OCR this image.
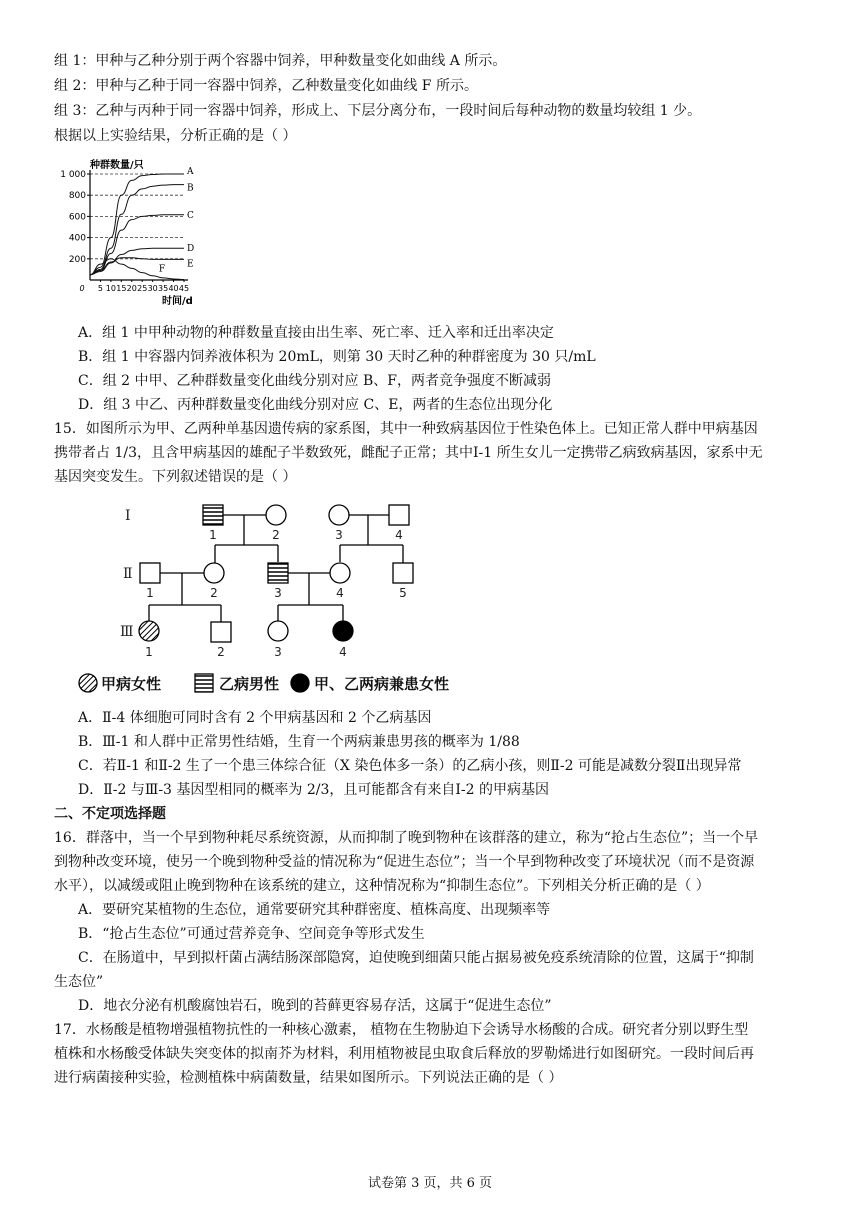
组 1：甲种与乙种分别于两个容器中饲养，甲种数量变化如曲线 A 所示。
组 2：甲种与乙种于同一容器中饲养，乙种数量变化如曲线 F 所示。
组 3：乙种与丙种于同一容器中饲养，形成上、下层分离分布，一段时间后每种动物的数量均较组 1 少。
根据以上实验结果，分析正确的是（ ）
200
400
600
800
1 000
0 5 10 15 20 25 30 35 40 45
A
B
C
D
E
F
种群数量/只
时间/d
A．组 1 中甲种动物的种群数量直接由出生率、死亡率、迁入率和迁出率决定
B．组 1 中容器内饲养液体积为 20mL，则第 30 天时乙种的种群密度为 30 只/mL
C．组 2 中甲、乙种群数量变化曲线分别对应 B、F，两者竞争强度不断减弱
D．组 3 中乙、丙种群数量变化曲线分别对应 C、E，两者的生态位出现分化
15．如图所示为甲、乙两种单基因遗传病的家系图，其中一种致病基因位于性染色体上。已知正常人群中甲病基因
携带者占 1/3，且含甲病基因的雄配子半数致死，雌配子正常；其中Ⅰ-1 所生女儿一定携带乙病致病基因，家系中无
基因突变发生。下列叙述错误的是（ ）
Ⅰ
Ⅱ
Ⅲ
1	2	3	4
1	2	3	4	5
1	2	3	4
甲病女性	乙病男性 甲、乙两病兼患女性
A．Ⅱ-4 体细胞可同时含有 2 个甲病基因和 2 个乙病基因
B．Ⅲ-1 和人群中正常男性结婚，生育一个两病兼患男孩的概率为 1/88
C．若Ⅱ-1 和Ⅱ-2 生了一个患三体综合征（X 染色体多一条）的乙病小孩，则Ⅱ-2 可能是减数分裂Ⅱ出现异常
D．Ⅱ-2 与Ⅲ-3 基因型相同的概率为 2/3，且可能都含有来自Ⅰ-2 的甲病基因
二、不定项选择题
16．群落中，当一个早到物种耗尽系统资源，从而抑制了晚到物种在该群落的建立，称为“抢占生态位”；当一个早
到物种改变环境，使另一个晚到物种受益的情况称为“促进生态位”；当一个早到物种改变了环境状况（而不是资源
水平），以减缓或阻止晚到物种在该系统的建立，这种情况称为“抑制生态位”。下列相关分析正确的是（ ）
A．要研究某植物的生态位，通常要研究其种群密度、植株高度、出现频率等
B．“抢占生态位”可通过营养竞争、空间竞争等形式发生
C．在肠道中，早到拟杆菌占满结肠深部隐窝，迫使晚到细菌只能占据易被免疫系统清除的位置，这属于“抑制
生态位”
D．地衣分泌有机酸腐蚀岩石，晚到的苔藓更容易存活，这属于“促进生态位”
17．水杨酸是植物增强植物抗性的一种核心激素， 植物在生物胁迫下会诱导水杨酸的合成。研究者分别以野生型
植株和水杨酸受体缺失突变体的拟南芥为材料，利用植物被昆虫取食后释放的罗勒烯进行如图研究。一段时间后再
进行病菌接种实验，检测植株中病菌数量，结果如图所示。下列说法正确的是（ ）
试卷第 3 页，共 6 页
